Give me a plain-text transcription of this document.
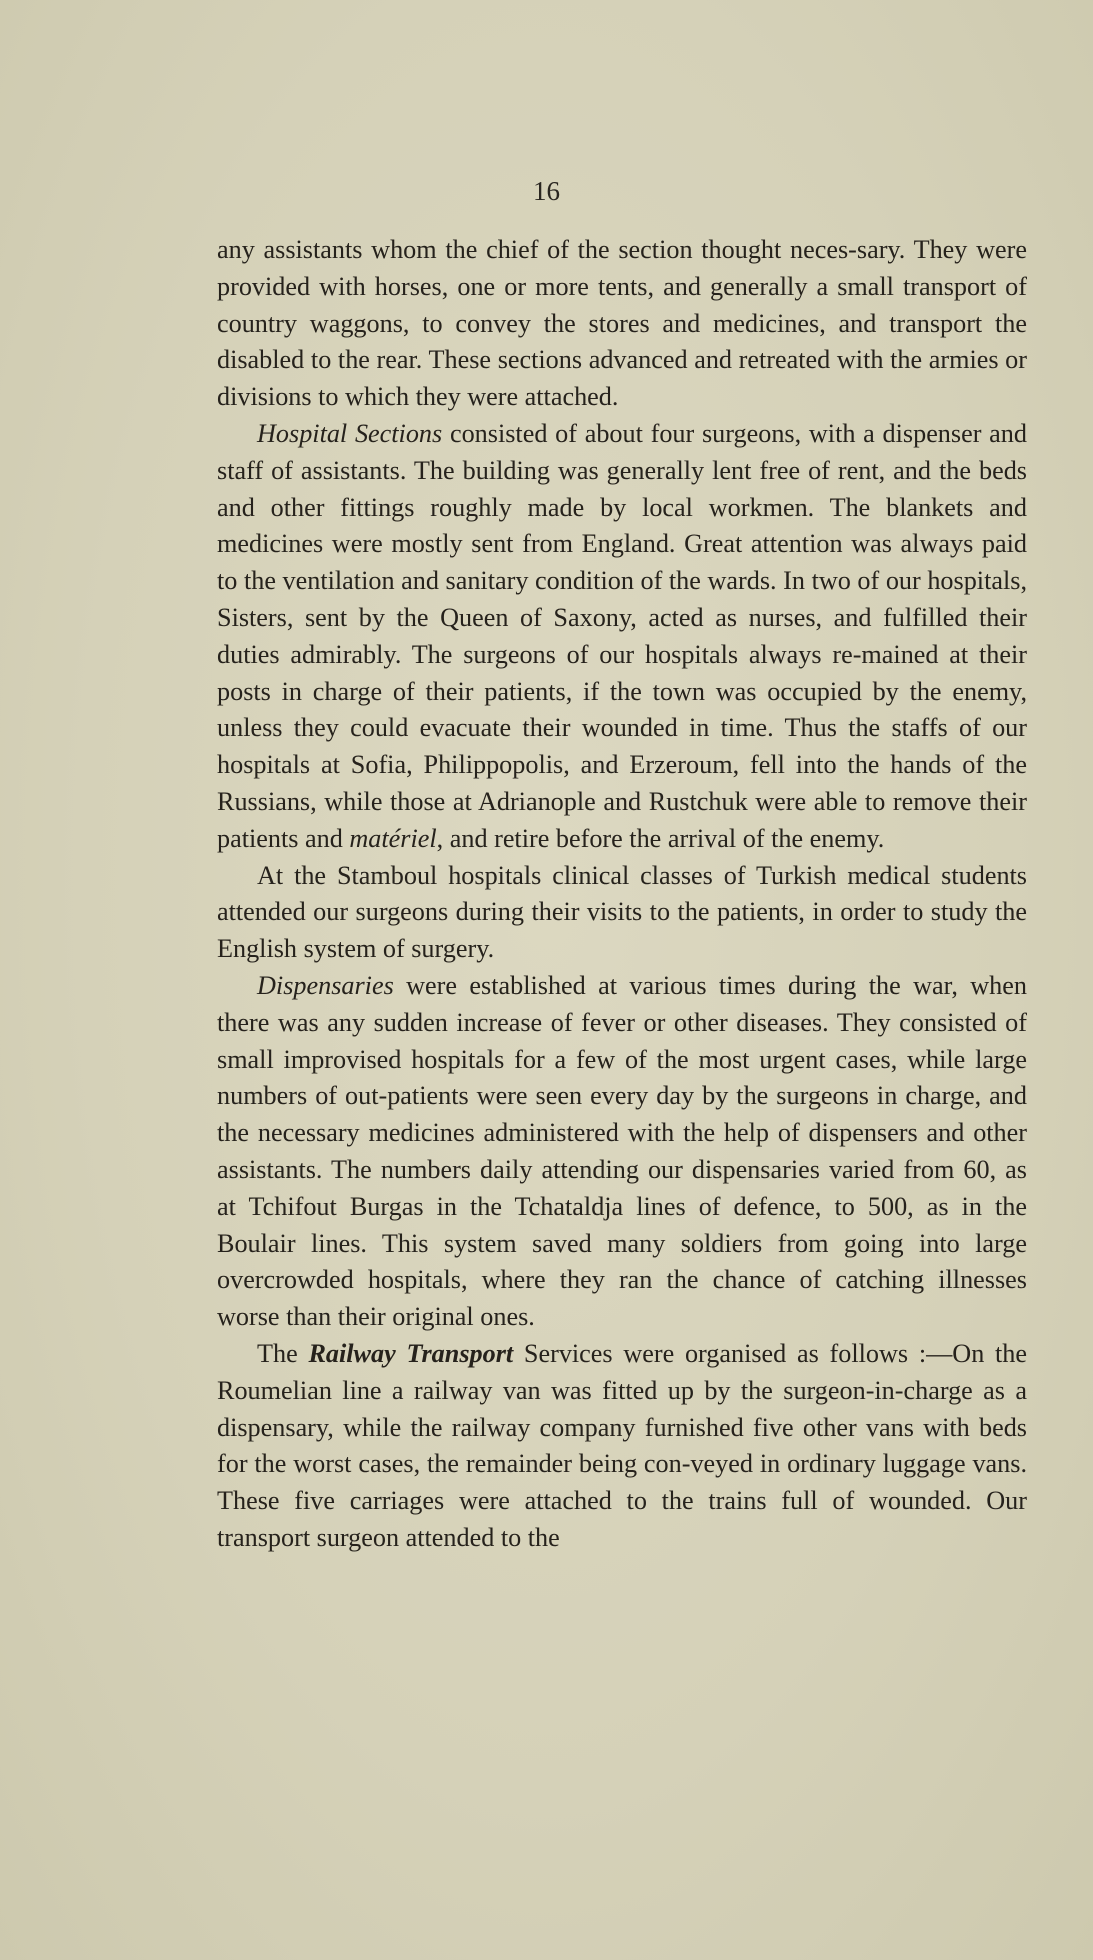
16

any assistants whom the chief of the section thought neces-sary. They were provided with horses, one or more tents, and generally a small transport of country waggons, to convey the stores and medicines, and transport the disabled to the rear. These sections advanced and retreated with the armies or divisions to which they were attached.

Hospital Sections consisted of about four surgeons, with a dispenser and staff of assistants. The building was generally lent free of rent, and the beds and other fittings roughly made by local workmen. The blankets and medicines were mostly sent from England. Great attention was always paid to the ventilation and sanitary condition of the wards. In two of our hospitals, Sisters, sent by the Queen of Saxony, acted as nurses, and fulfilled their duties admirably. The surgeons of our hospitals always re-mained at their posts in charge of their patients, if the town was occupied by the enemy, unless they could evacuate their wounded in time. Thus the staffs of our hospitals at Sofia, Philippopolis, and Erzeroum, fell into the hands of the Russians, while those at Adrianople and Rustchuk were able to remove their patients and matériel, and retire before the arrival of the enemy.

At the Stamboul hospitals clinical classes of Turkish medical students attended our surgeons during their visits to the patients, in order to study the English system of surgery.

Dispensaries were established at various times during the war, when there was any sudden increase of fever or other diseases. They consisted of small improvised hospitals for a few of the most urgent cases, while large numbers of out-patients were seen every day by the surgeons in charge, and the necessary medicines administered with the help of dispensers and other assistants. The numbers daily attending our dispensaries varied from 60, as at Tchifout Burgas in the Tchataldja lines of defence, to 500, as in the Boulair lines. This system saved many soldiers from going into large overcrowded hospitals, where they ran the chance of catching illnesses worse than their original ones.

The Railway Transport Services were organised as follows :—On the Roumelian line a railway van was fitted up by the surgeon-in-charge as a dispensary, while the railway company furnished five other vans with beds for the worst cases, the remainder being con-veyed in ordinary luggage vans. These five carriages were attached to the trains full of wounded. Our transport surgeon attended to the
